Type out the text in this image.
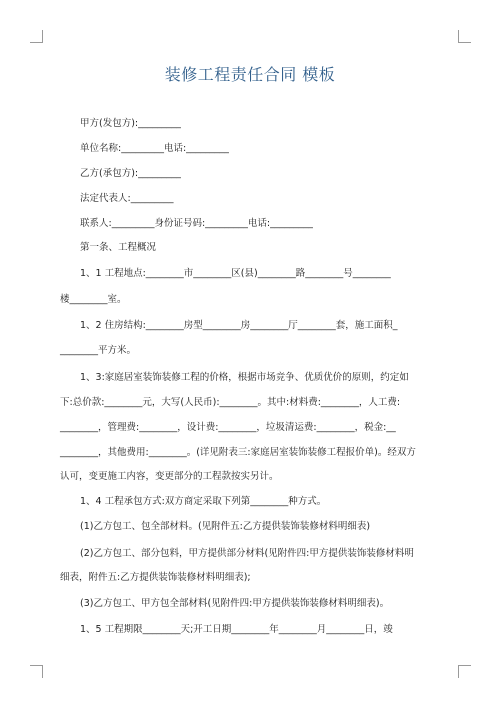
装修工程责任合同 模板
甲方(发包方):_________
单位名称:_________电话:_________
乙方(承包方):_________
法定代表人:_________
联系人:_________身份证号码:_________电话:_________
第一条、工程概况
1、1 工程地点:________市________区(县)________路________号________
楼________室。
1、2 住房结构:________房型________房________厅________套，施工面积_
________平方米。
1、3:家庭居室装饰装修工程的价格，根据市场竞争、优质优价的原则，约定如
下:总价款:________元，大写(人民币):________。其中:材料费:________，人工费:
________，管理费:________，设计费:________，垃圾清运费:________，税金:__
________，其他费用:________。(详见附表三:家庭居室装饰装修工程报价单)。经双方
认可，变更施工内容，变更部分的工程款按实另计。
1、4 工程承包方式:双方商定采取下列第________种方式。
(1)乙方包工、包全部材料。(见附件五:乙方提供装饰装修材料明细表)
(2)乙方包工、部分包料，甲方提供部分材料(见附件四:甲方提供装饰装修材料明
细表，附件五:乙方提供装饰装修材料明细表);
(3)乙方包工、甲方包全部材料(见附件四:甲方提供装饰装修材料明细表)。
1、5 工程期限________天;开工日期________年________月________日，竣
